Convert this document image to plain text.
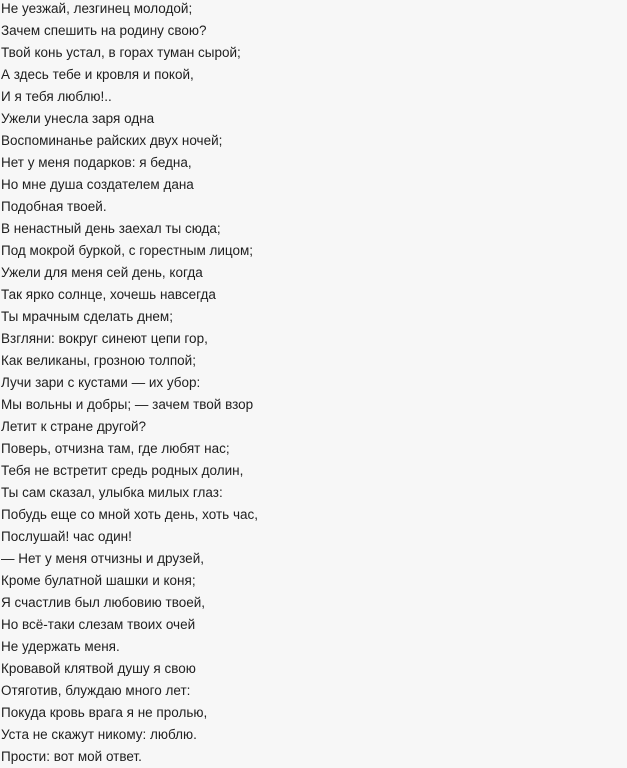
Не уезжай, лезгинец молодой;
Зачем спешить на родину свою?
Твой конь устал, в горах туман сырой;
А здесь тебе и кровля и покой,
И я тебя люблю!..
Ужели унесла заря одна
Воспоминанье райских двух ночей;
Нет у меня подарков: я бедна,
Но мне душа создателем дана
Подобная твоей.
В ненастный день заехал ты сюда;
Под мокрой буркой, с горестным лицом;
Ужели для меня сей день, когда
Так ярко солнце, хочешь навсегда
Ты мрачным сделать днем;
Взгляни: вокруг синеют цепи гор,
Как великаны, грозною толпой;
Лучи зари с кустами — их убор:
Мы вольны и добры; — зачем твой взор
Летит к стране другой?
Поверь, отчизна там, где любят нас;
Тебя не встретит средь родных долин,
Ты сам сказал, улыбка милых глаз:
Побудь еще со мной хоть день, хоть час,
Послушай! час один!
— Нет у меня отчизны и друзей,
Кроме булатной шашки и коня;
Я счастлив был любовию твоей,
Но всё-таки слезам твоих очей
Не удержать меня.
Кровавой клятвой душу я свою
Отяготив, блуждаю много лет:
Покуда кровь врага я не пролью,
Уста не скажут никому: люблю.
Прости: вот мой ответ.
